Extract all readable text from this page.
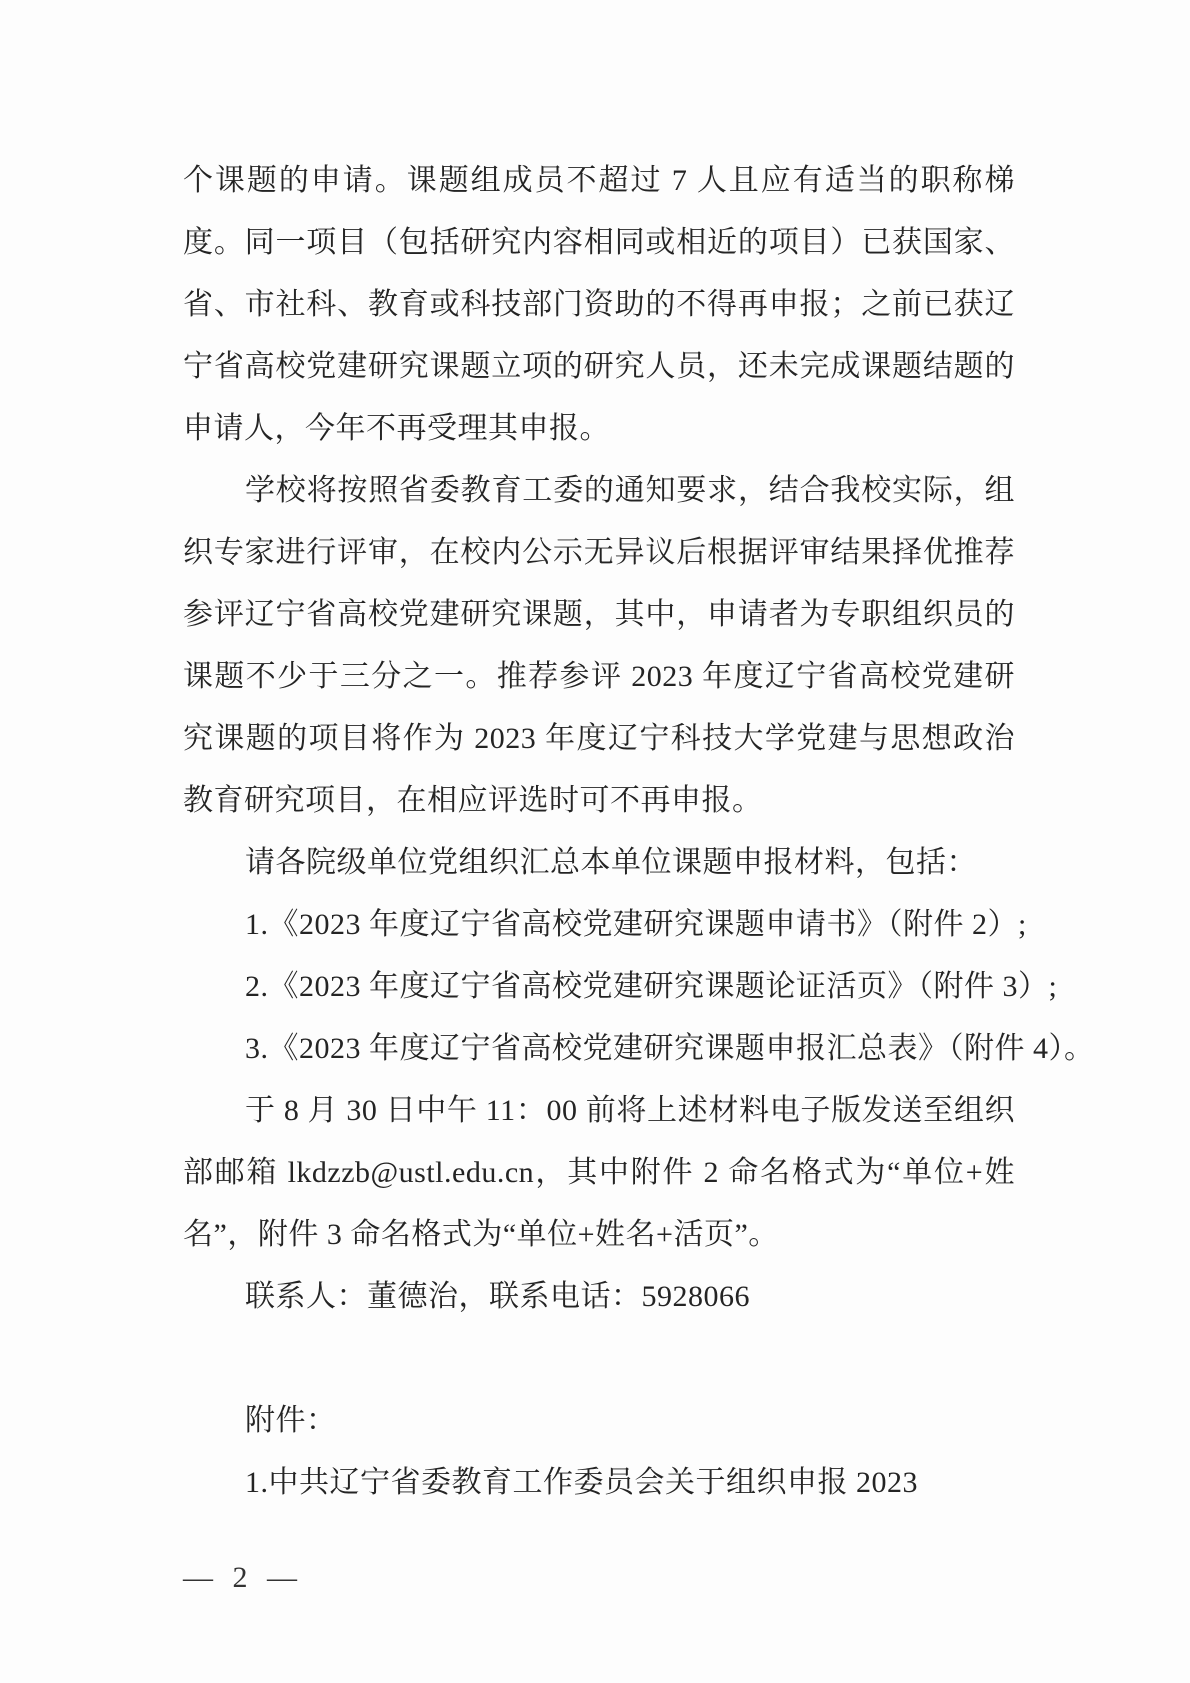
个课题的申请。课题组成员不超过 7 人且应有适当的职称梯度。同一项目（包括研究内容相同或相近的项目）已获国家、省、市社科、教育或科技部门资助的不得再申报；之前已获辽宁省高校党建研究课题立项的研究人员，还未完成课题结题的申请人，今年不再受理其申报。

学校将按照省委教育工委的通知要求，结合我校实际，组织专家进行评审，在校内公示无异议后根据评审结果择优推荐参评辽宁省高校党建研究课题，其中，申请者为专职组织员的课题不少于三分之一。推荐参评 2023 年度辽宁省高校党建研究课题的项目将作为 2023 年度辽宁科技大学党建与思想政治教育研究项目，在相应评选时可不再申报。

请各院级单位党组织汇总本单位课题申报材料，包括：

1.《2023 年度辽宁省高校党建研究课题申请书》（附件 2）;

2.《2023 年度辽宁省高校党建研究课题论证活页》（附件 3）;

3.《2023 年度辽宁省高校党建研究课题申报汇总表》（附件 4）。

于 8 月 30 日中午 11：00 前将上述材料电子版发送至组织部邮箱 lkdzzb@ustl.edu.cn，其中附件 2 命名格式为“单位+姓名”，附件 3 命名格式为“单位+姓名+活页”。

联系人：董德治，联系电话：5928066

附件：

1.中共辽宁省委教育工作委员会关于组织申报 2023

— 2 —
